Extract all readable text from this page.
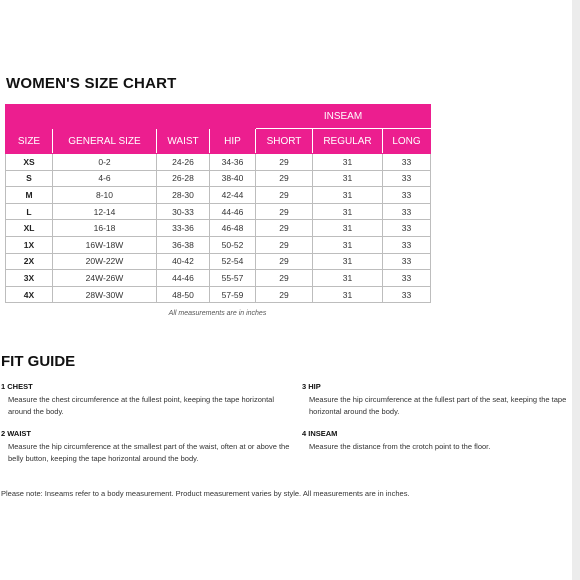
WOMEN'S SIZE CHART
				INSEAM		
SIZE	GENERAL SIZE	WAIST	HIP	SHORT	REGULAR	LONG
XS	0-2	24-26	34-36	29	31	33
S	4-6	26-28	38-40	29	31	33
M	8-10	28-30	42-44	29	31	33
L	12-14	30-33	44-46	29	31	33
XL	16-18	33-36	46-48	29	31	33
1X	16W-18W	36-38	50-52	29	31	33
2X	20W-22W	40-42	52-54	29	31	33
3X	24W-26W	44-46	55-57	29	31	33
4X	28W-30W	48-50	57-59	29	31	33
All measurements are in inches
FIT GUIDE
1 CHEST
Measure the chest circumference at the fullest point, keeping the tape horizontal around the body.
3 HIP
Measure the hip circumference at the fullest part of the seat, keeping the tape horizontal around the body.
2 WAIST
Measure the hip circumference at the smallest part of the waist, often at or above the belly button, keeping the tape horizontal around the body.
4 INSEAM
Measure the distance from the crotch point to the floor.
Please note: Inseams refer to a body measurement. Product measurement varies by style. All measurements are in inches.
